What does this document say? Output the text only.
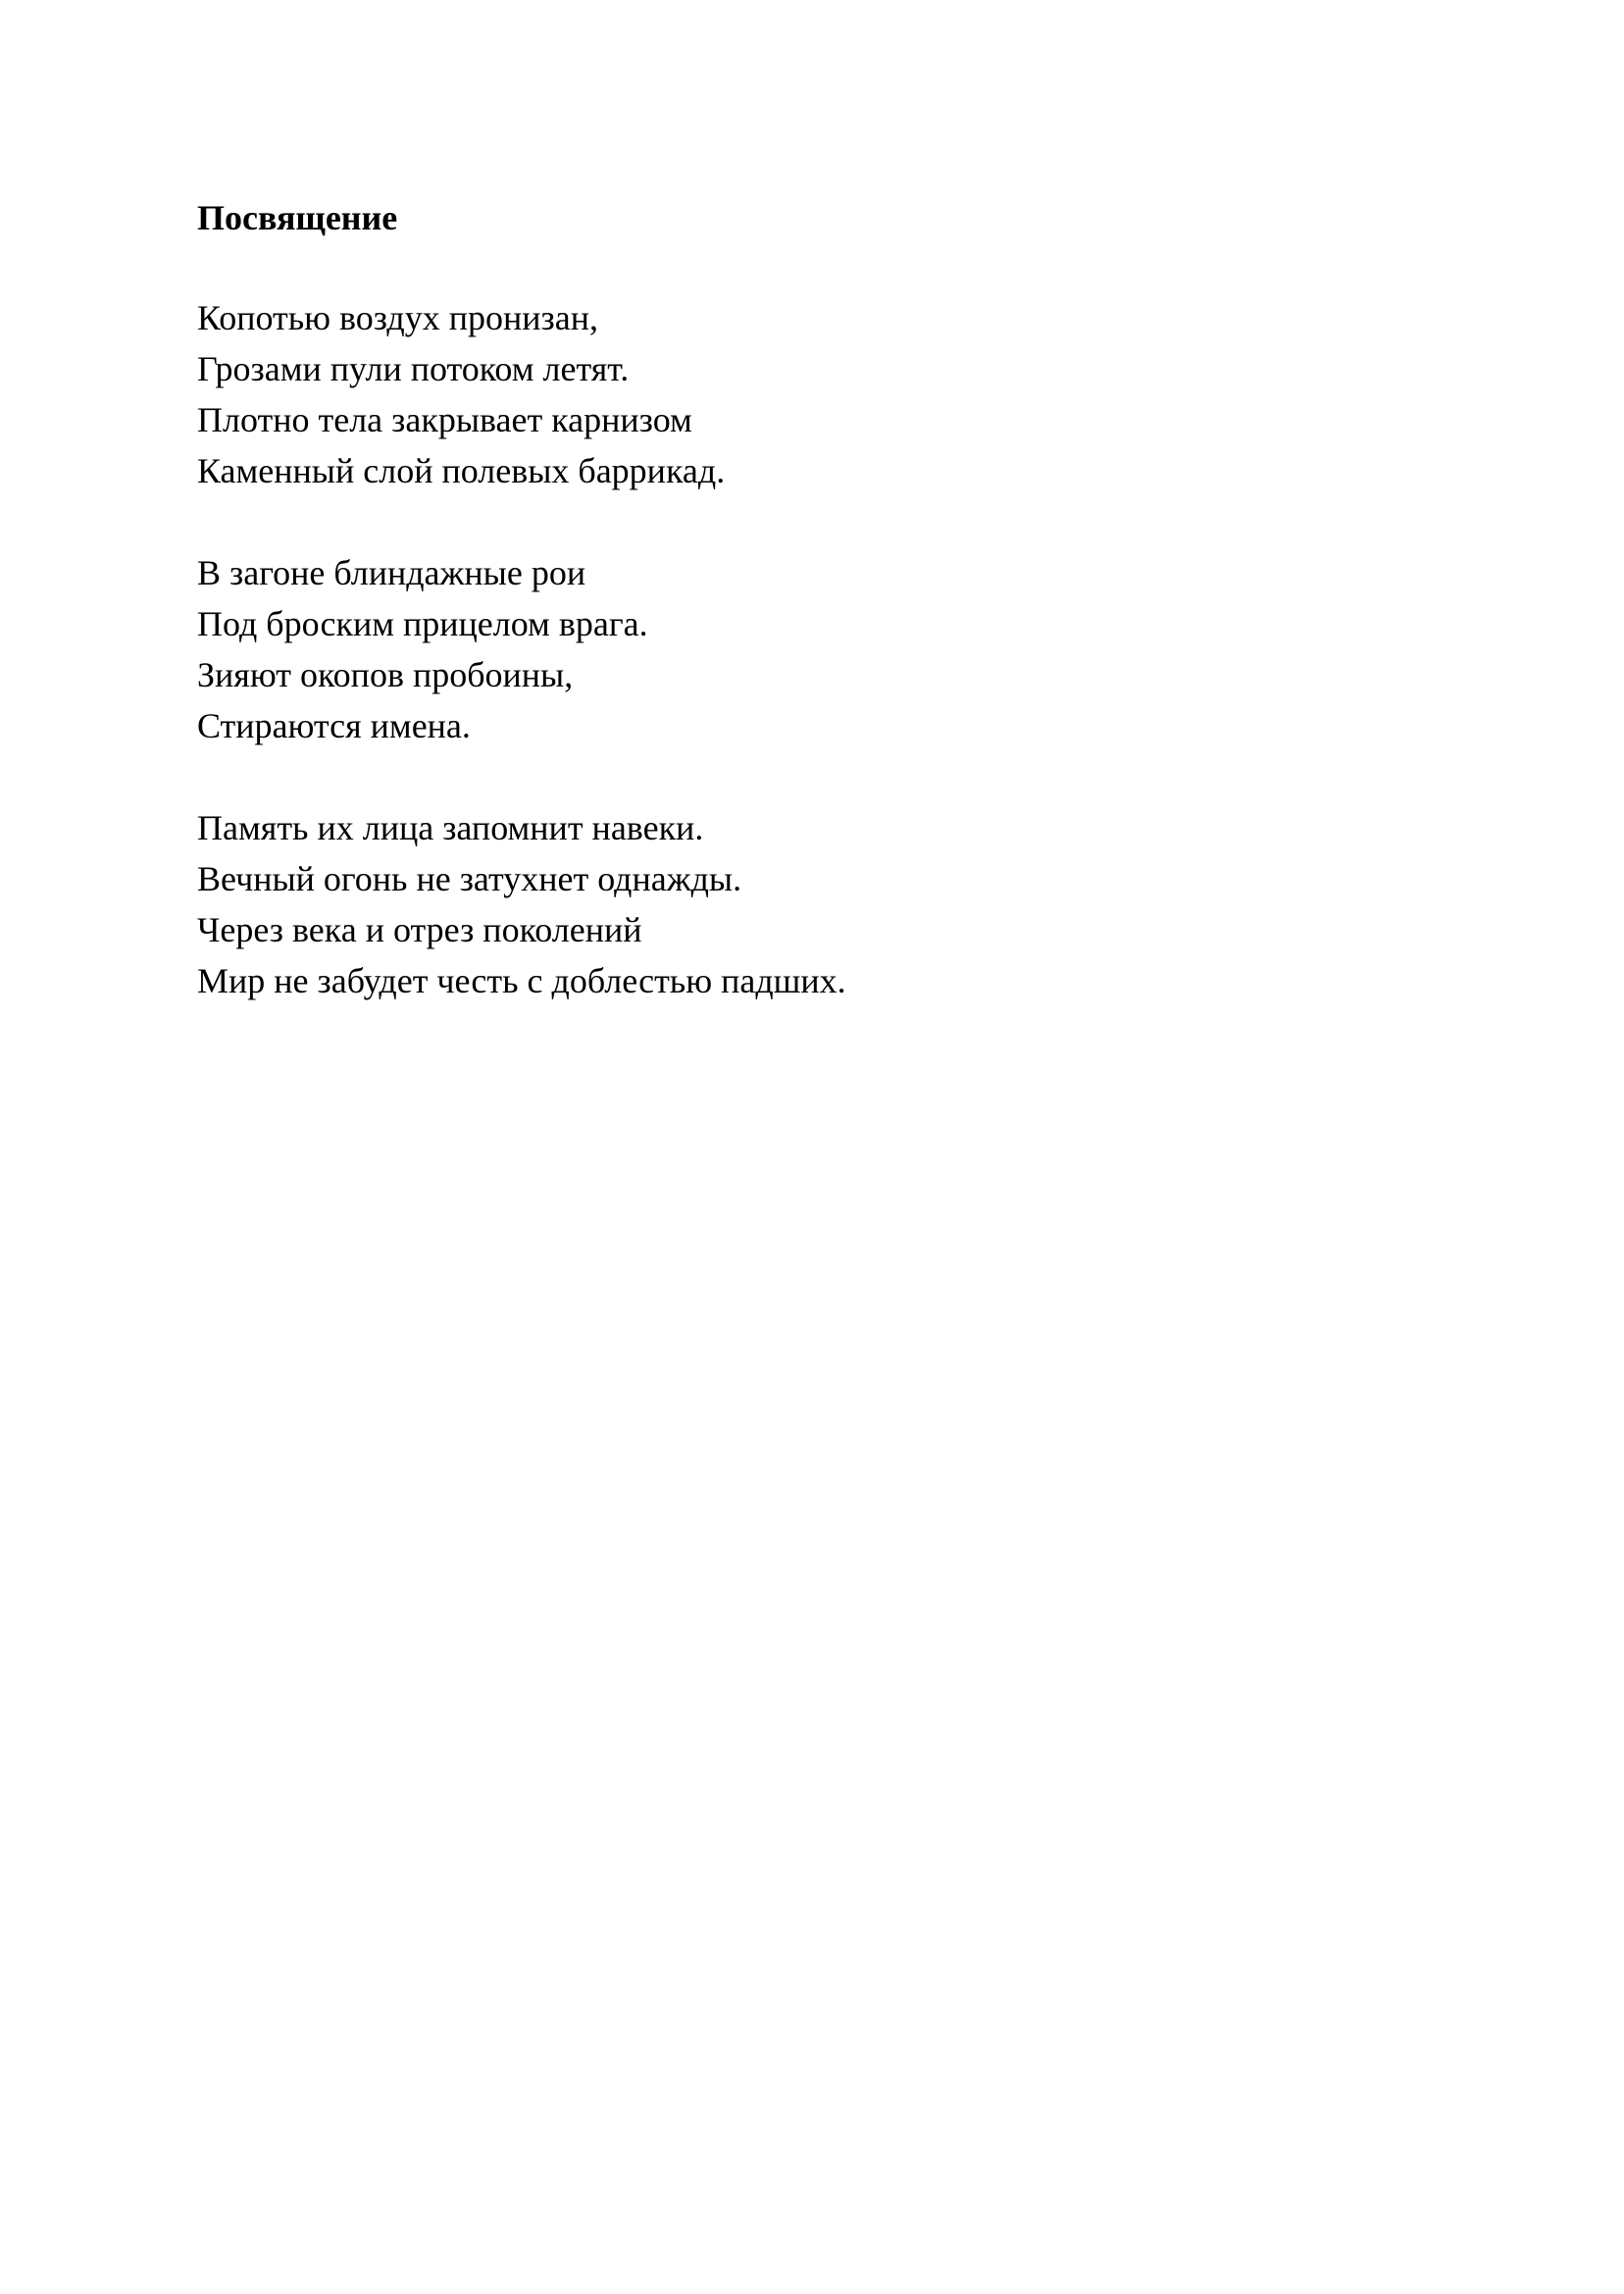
Посвящение
Копотью воздух пронизан,
Грозами пули потоком летят.
Плотно тела закрывает карнизом
Каменный слой полевых баррикад.
В загоне блиндажные рои
Под броским прицелом врага.
Зияют окопов пробоины,
Стираются имена.
Память их лица запомнит навеки.
Вечный огонь не затухнет однажды.
Через века и отрез поколений
Мир не забудет честь с доблестью падших.
